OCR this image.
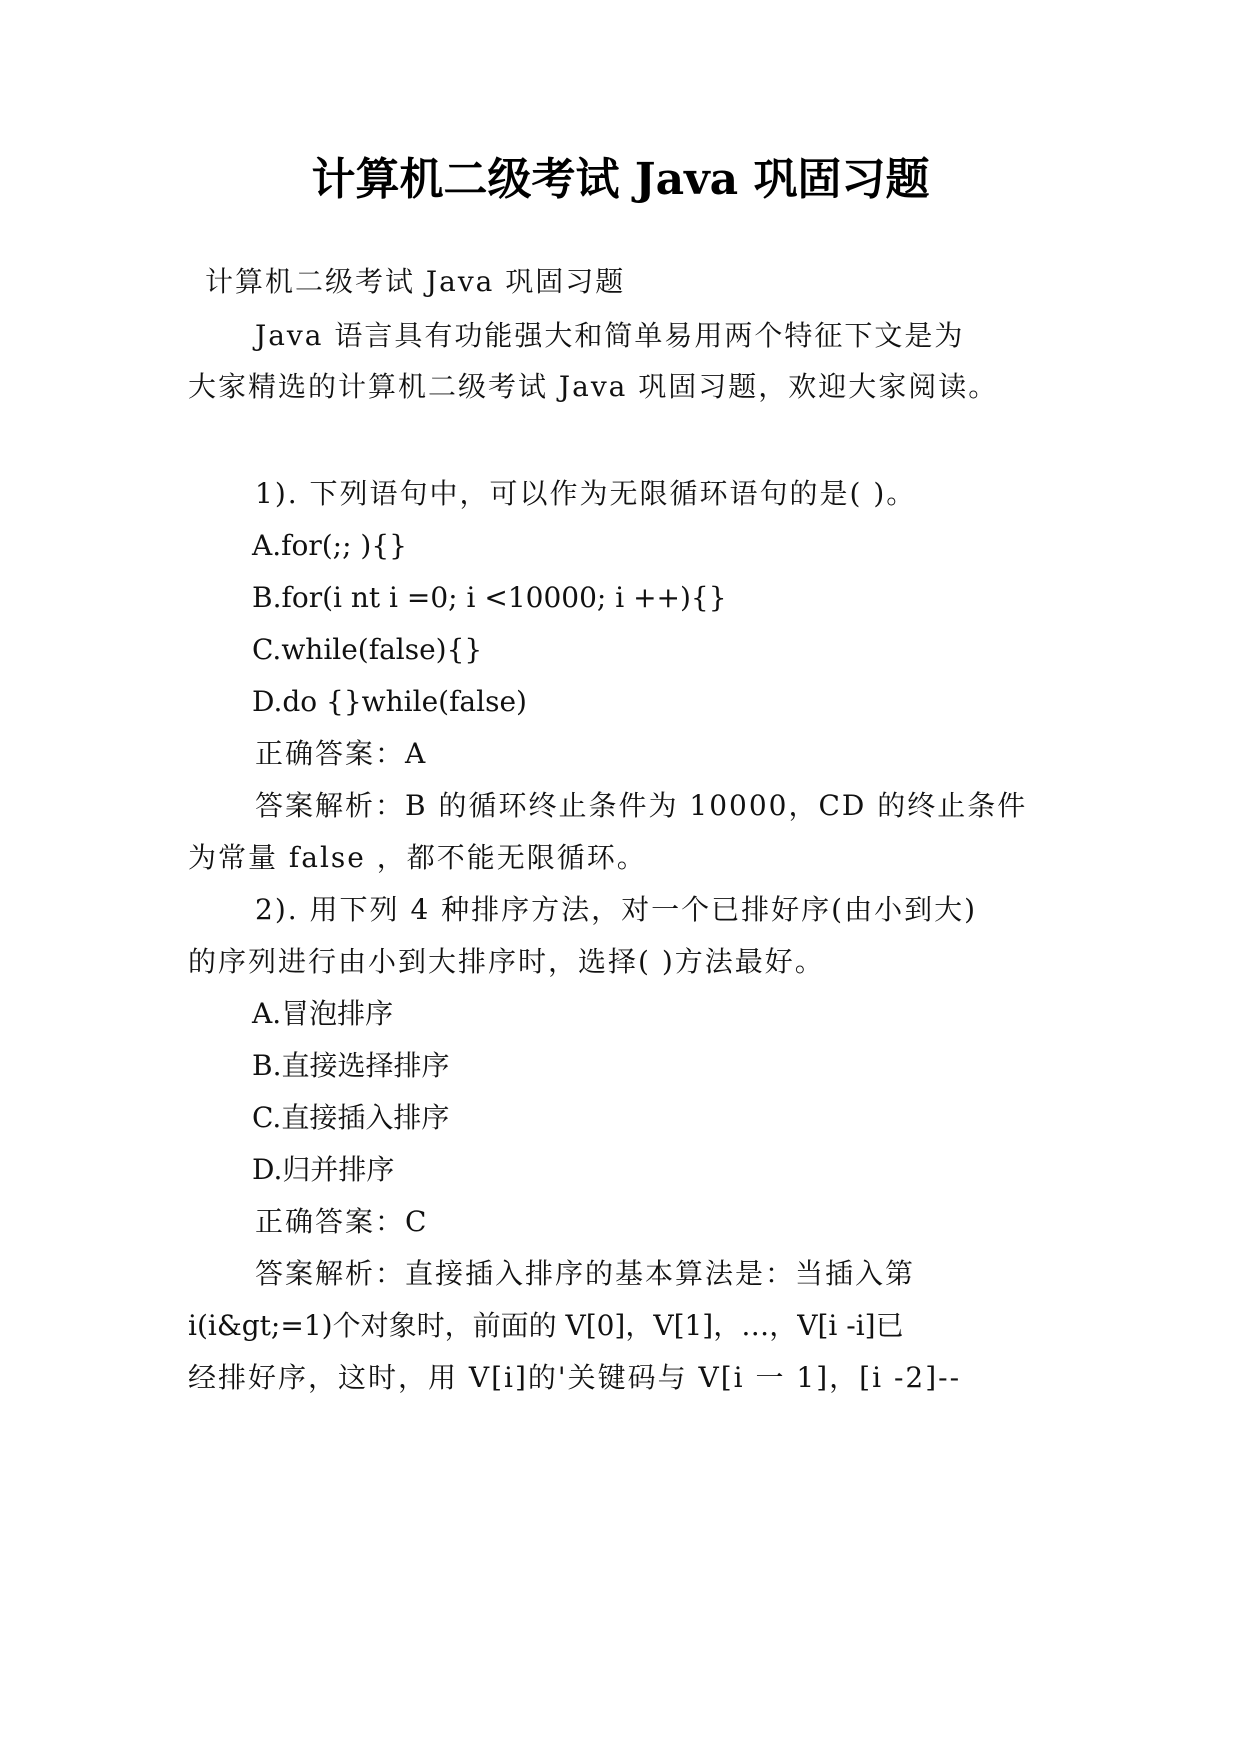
计算机二级考试 Java 巩固习题

计算机二级考试 Java 巩固习题

Java 语言具有功能强大和简单易用两个特征下文是为

大家精选的计算机二级考试 Java 巩固习题，欢迎大家阅读。

1). 下列语句中，可以作为无限循环语句的是( )。

A.for(;; ){}

B.for(i nt i =0; i <10000; i ++){}

C.while(false){}

D.do {}while(false)

正确答案：A

答案解析：B 的循环终止条件为 10000，CD 的终止条件

为常量 false ，都不能无限循环。

2). 用下列 4 种排序方法，对一个已排好序(由小到大)

的序列进行由小到大排序时，选择( )方法最好。

A.冒泡排序

B.直接选择排序

C.直接插入排序

D.归并排序

正确答案：C

答案解析：直接插入排序的基本算法是：当插入第

i(i&gt;=1)个对象时，前面的 V[0]，V[1]，…，V[i -i]已

经排好序，这时，用 V[i]的'关键码与 V[i 一 1]，[i -2]--
